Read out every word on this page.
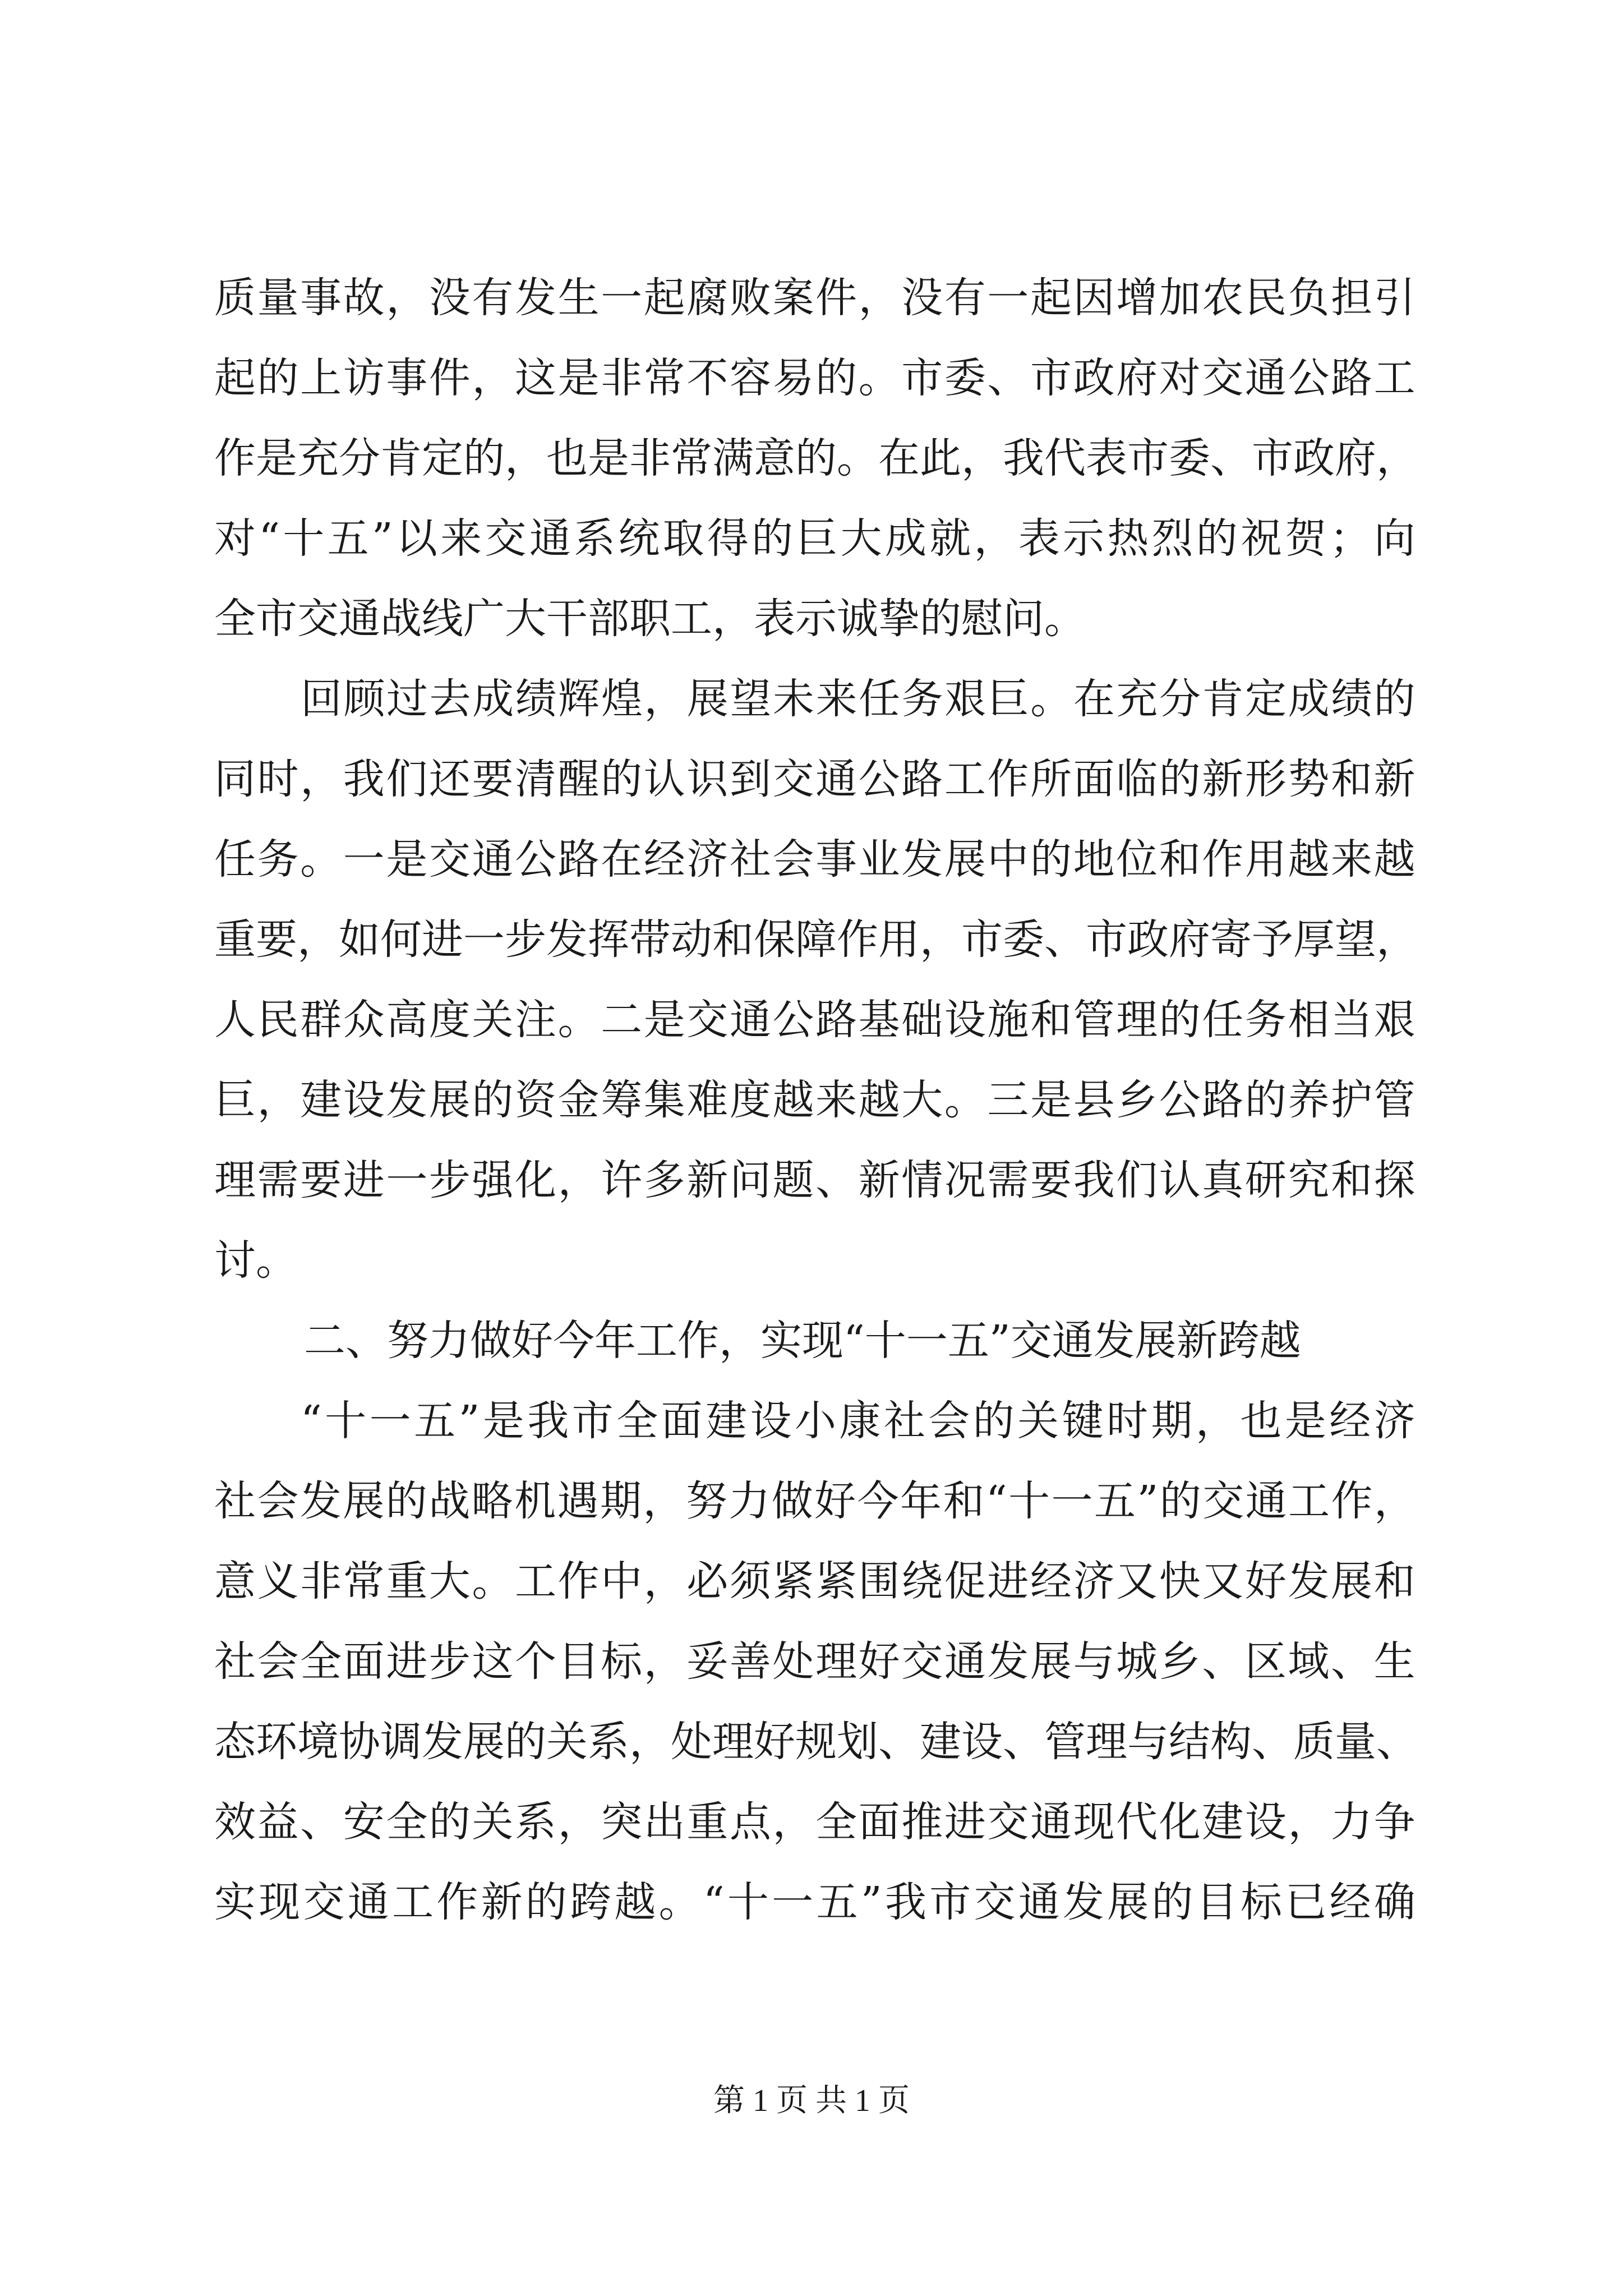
质 量 事 故 ， 没 有 发 生 一 起 腐 败 案 件 ， 没 有 一 起 因 增 加 农 民 负 担 引
起 的 上 访 事 件 ， 这 是 非 常 不 容 易 的 。 市 委 、 市 政 府 对 交 通 公 路 工
作 是 充 分 肯 定 的 ， 也 是 非 常 满 意 的 。 在 此 ， 我 代 表 市 委 、 市 政 府 ，
对 “ 十 五 ” 以 来 交 通 系 统 取 得 的 巨 大 成 就 ， 表 示 热 烈 的 祝 贺 ； 向
全市交通战线广大干部职工，表示诚挚的慰问。
回 顾 过 去 成 绩 辉 煌 ， 展 望 未 来 任 务 艰 巨 。 在 充 分 肯 定 成 绩 的
同 时 ， 我 们 还 要 清 醒 的 认 识 到 交 通 公 路 工 作 所 面 临 的 新 形 势 和 新
任 务 。 一 是 交 通 公 路 在 经 济 社 会 事 业 发 展 中 的 地 位 和 作 用 越 来 越
重 要 ， 如 何 进 一 步 发 挥 带 动 和 保 障 作 用 ， 市 委 、 市 政 府 寄 予 厚 望 ，
人 民 群 众 高 度 关 注 。 二 是 交 通 公 路 基 础 设 施 和 管 理 的 任 务 相 当 艰
巨 ， 建 设 发 展 的 资 金 筹 集 难 度 越 来 越 大 。 三 是 县 乡 公 路 的 养 护 管
理 需 要 进 一 步 强 化 ， 许 多 新 问 题 、 新 情 况 需 要 我 们 认 真 研 究 和 探
讨。
二、努力做好今年工作，实现“十一五”交通发展新跨越
“ 十 一 五 ” 是 我 市 全 面 建 设 小 康 社 会 的 关 键 时 期 ， 也 是 经 济
社 会 发 展 的 战 略 机 遇 期 ， 努 力 做 好 今 年 和 “ 十 一 五 ” 的 交 通 工 作 ，
意 义 非 常 重 大 。 工 作 中 ， 必 须 紧 紧 围 绕 促 进 经 济 又 快 又 好 发 展 和
社 会 全 面 进 步 这 个 目 标 ， 妥 善 处 理 好 交 通 发 展 与 城 乡 、 区 域 、 生
态 环 境 协 调 发 展 的 关 系 ， 处 理 好 规 划 、 建 设 、 管 理 与 结 构 、 质 量 、
效 益 、 安 全 的 关 系 ， 突 出 重 点 ， 全 面 推 进 交 通 现 代 化 建 设 ， 力 争
实 现 交 通 工 作 新 的 跨 越 。 “ 十 一 五 ” 我 市 交 通 发 展 的 目 标 已 经 确
第 1 页 共 1 页
